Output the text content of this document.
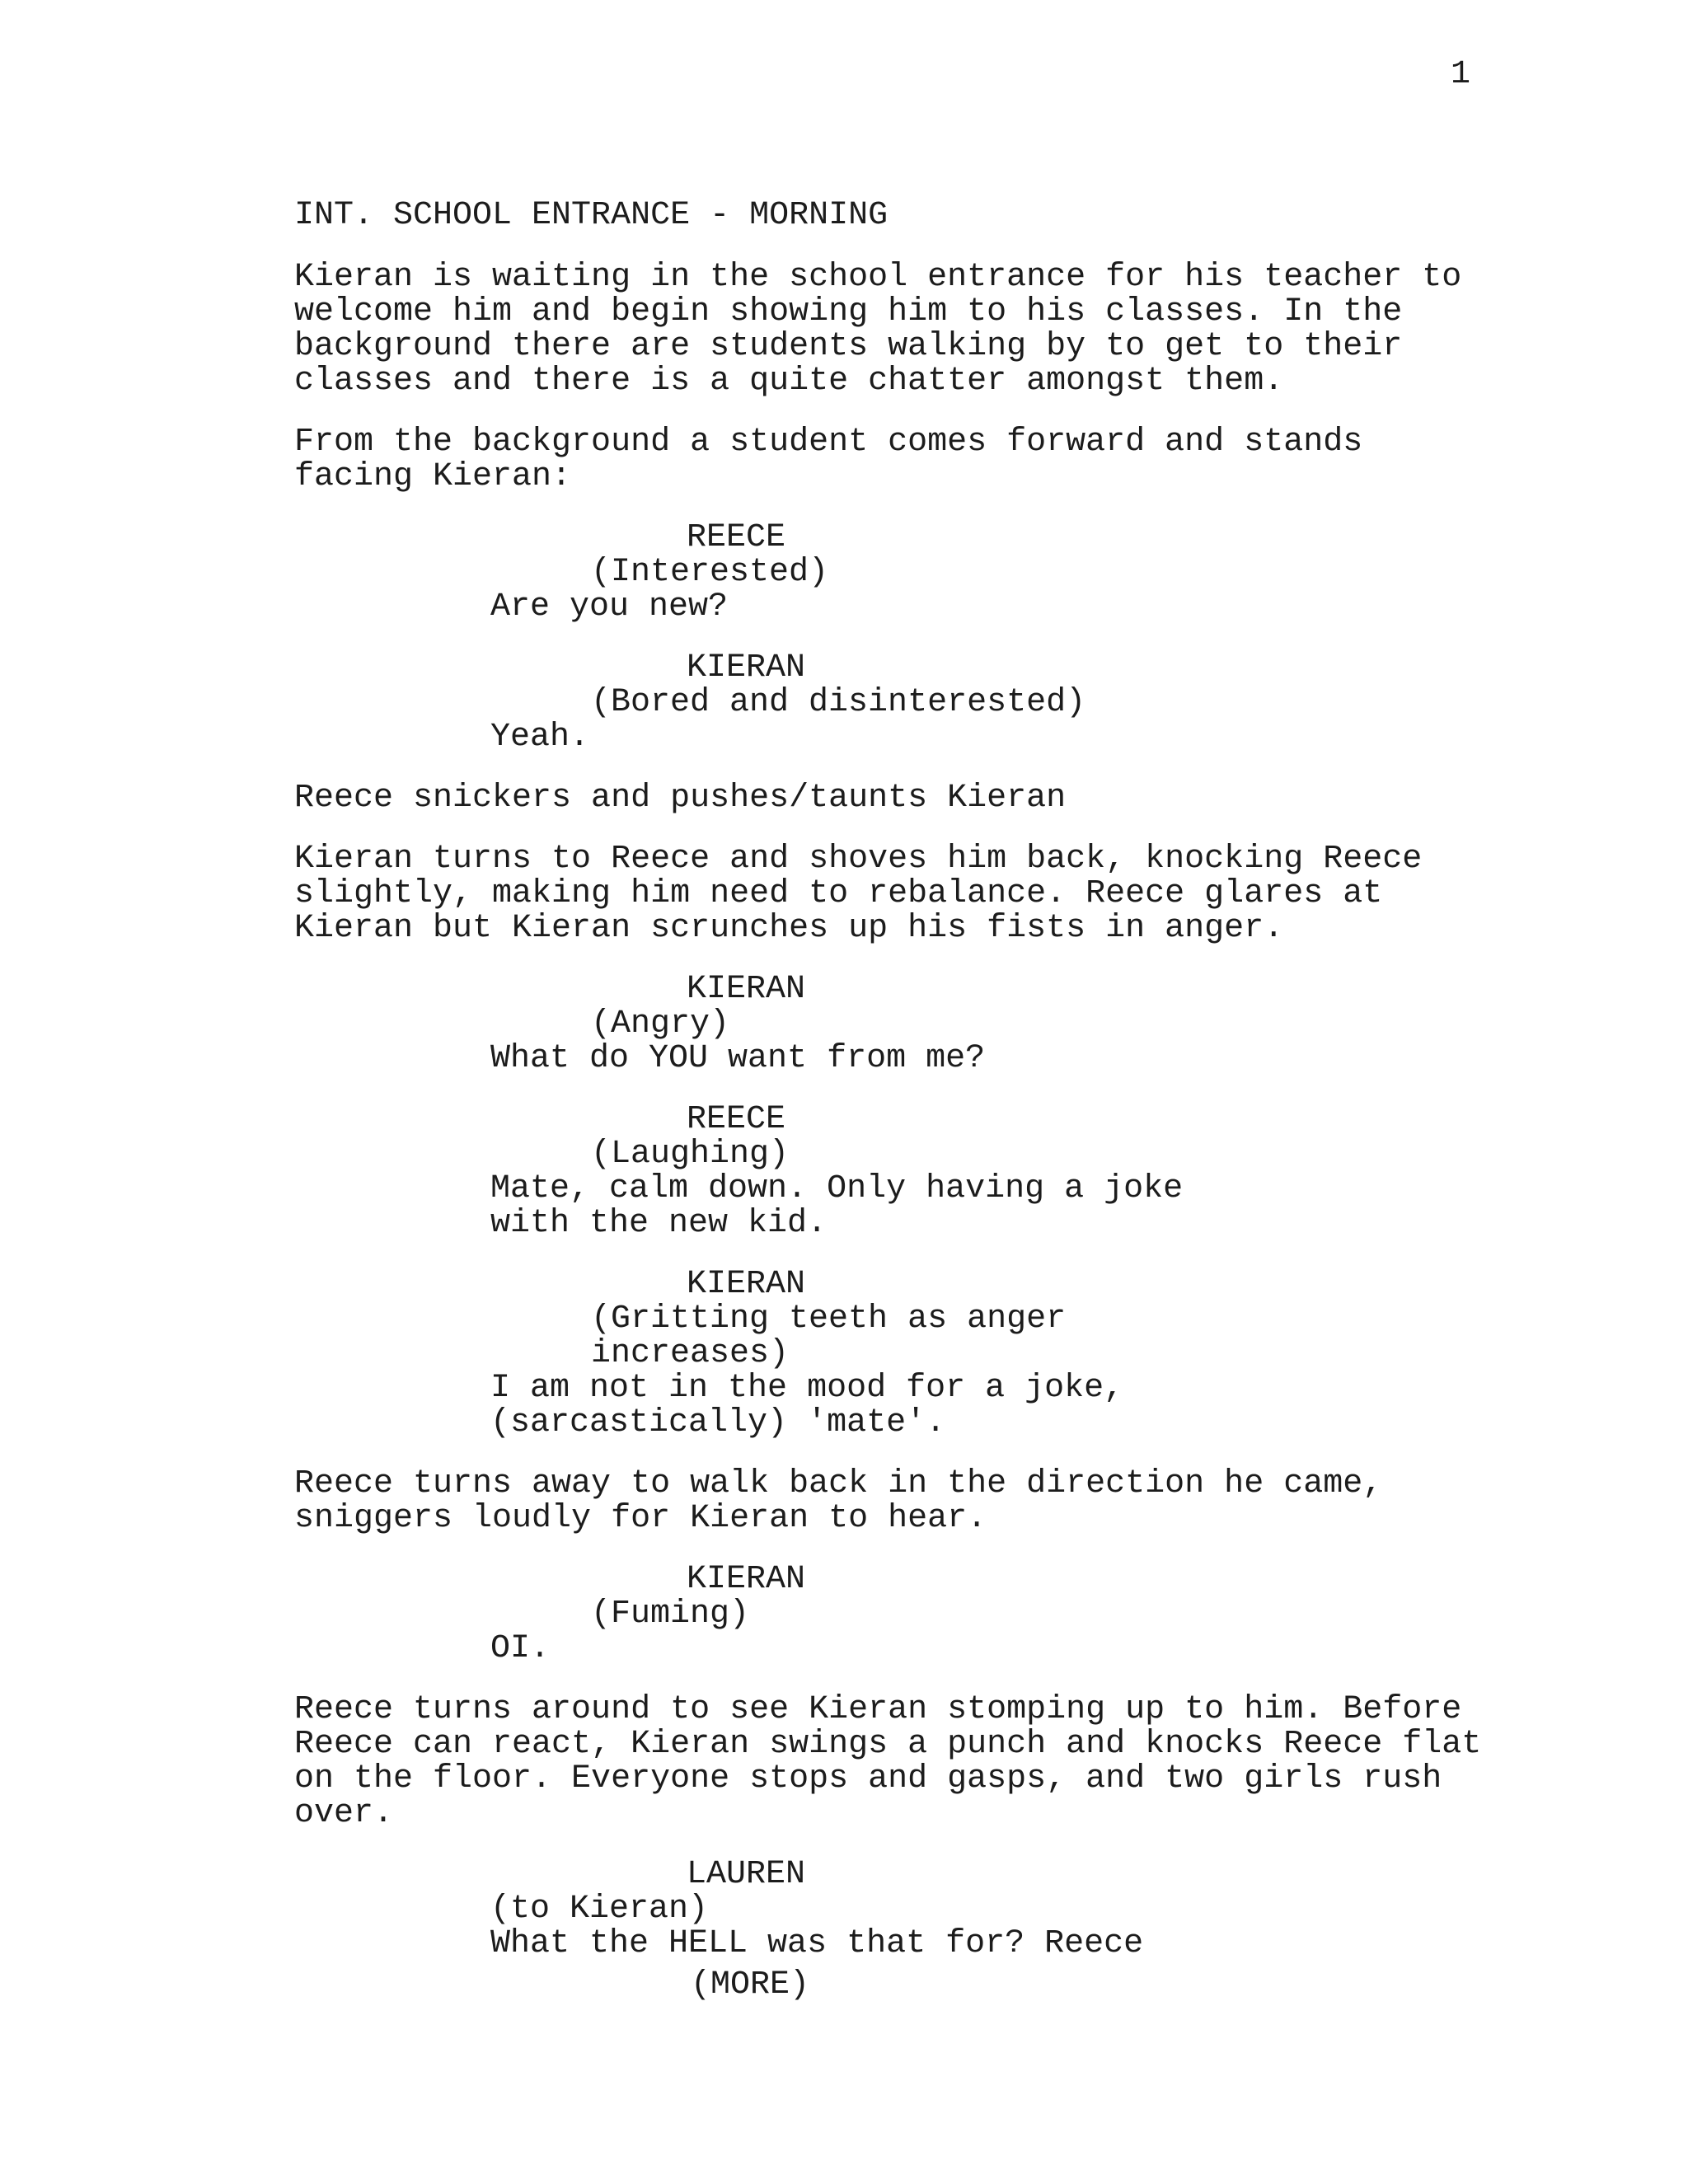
1
INT. SCHOOL ENTRANCE - MORNING
Kieran is waiting in the school entrance for his teacher to
welcome him and begin showing him to his classes. In the
background there are students walking by to get to their
classes and there is a quite chatter amongst them.
From the background a student comes forward and stands
facing Kieran:
REECE
(Interested)
Are you new?
KIERAN
(Bored and disinterested)
Yeah.
Reece snickers and pushes/taunts Kieran
Kieran turns to Reece and shoves him back, knocking Reece
slightly, making him need to rebalance. Reece glares at
Kieran but Kieran scrunches up his fists in anger.
KIERAN
(Angry)
What do YOU want from me?
REECE
(Laughing)
Mate, calm down. Only having a joke
with the new kid.
KIERAN
(Gritting teeth as anger
increases)
I am not in the mood for a joke,
(sarcastically) 'mate'.
Reece turns away to walk back in the direction he came,
sniggers loudly for Kieran to hear.
KIERAN
(Fuming)
OI.
Reece turns around to see Kieran stomping up to him. Before
Reece can react, Kieran swings a punch and knocks Reece flat
on the floor. Everyone stops and gasps, and two girls rush
over.
LAUREN
(to Kieran)
What the HELL was that for? Reece
(MORE)
